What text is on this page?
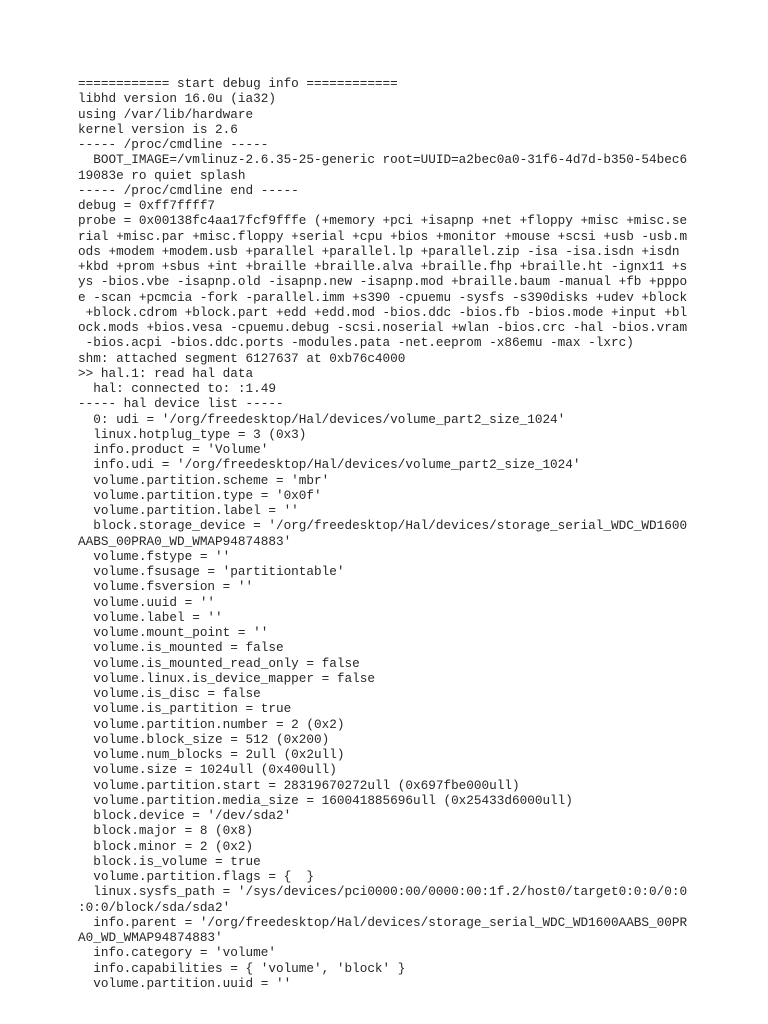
============ start debug info ============
libhd version 16.0u (ia32)
using /var/lib/hardware
kernel version is 2.6
----- /proc/cmdline -----
BOOT_IMAGE=/vmlinuz-2.6.35-25-generic root=UUID=a2bec0a0-31f6-4d7d-b350-54bec6
19083e ro quiet splash
----- /proc/cmdline end -----
debug = 0xff7ffff7
probe = 0x00138fc4aa17fcf9fffe (+memory +pci +isapnp +net +floppy +misc +misc.se
rial +misc.par +misc.floppy +serial +cpu +bios +monitor +mouse +scsi +usb -usb.m
ods +modem +modem.usb +parallel +parallel.lp +parallel.zip -isa -isa.isdn +isdn
+kbd +prom +sbus +int +braille +braille.alva +braille.fhp +braille.ht -ignx11 +s
ys -bios.vbe -isapnp.old -isapnp.new -isapnp.mod +braille.baum -manual +fb +pppo
e -scan +pcmcia -fork -parallel.imm +s390 -cpuemu -sysfs -s390disks +udev +block
+block.cdrom +block.part +edd +edd.mod -bios.ddc -bios.fb -bios.mode +input +bl
ock.mods +bios.vesa -cpuemu.debug -scsi.noserial +wlan -bios.crc -hal -bios.vram
-bios.acpi -bios.ddc.ports -modules.pata -net.eeprom -x86emu -max -lxrc)
shm: attached segment 6127637 at 0xb76c4000
>> hal.1: read hal data
hal: connected to: :1.49
----- hal device list -----
0: udi = '/org/freedesktop/Hal/devices/volume_part2_size_1024'
linux.hotplug_type = 3 (0x3)
info.product = 'Volume'
info.udi = '/org/freedesktop/Hal/devices/volume_part2_size_1024'
volume.partition.scheme = 'mbr'
volume.partition.type = '0x0f'
volume.partition.label = ''
block.storage_device = '/org/freedesktop/Hal/devices/storage_serial_WDC_WD1600
AABS_00PRA0_WD_WMAP94874883'
volume.fstype = ''
volume.fsusage = 'partitiontable'
volume.fsversion = ''
volume.uuid = ''
volume.label = ''
volume.mount_point = ''
volume.is_mounted = false
volume.is_mounted_read_only = false
volume.linux.is_device_mapper = false
volume.is_disc = false
volume.is_partition = true
volume.partition.number = 2 (0x2)
volume.block_size = 512 (0x200)
volume.num_blocks = 2ull (0x2ull)
volume.size = 1024ull (0x400ull)
volume.partition.start = 28319670272ull (0x697fbe000ull)
volume.partition.media_size = 160041885696ull (0x25433d6000ull)
block.device = '/dev/sda2'
block.major = 8 (0x8)
block.minor = 2 (0x2)
block.is_volume = true
volume.partition.flags = {  }
linux.sysfs_path = '/sys/devices/pci0000:00/0000:00:1f.2/host0/target0:0:0/0:0
:0:0/block/sda/sda2'
info.parent = '/org/freedesktop/Hal/devices/storage_serial_WDC_WD1600AABS_00PR
A0_WD_WMAP94874883'
info.category = 'volume'
info.capabilities = { 'volume', 'block' }
volume.partition.uuid = ''
